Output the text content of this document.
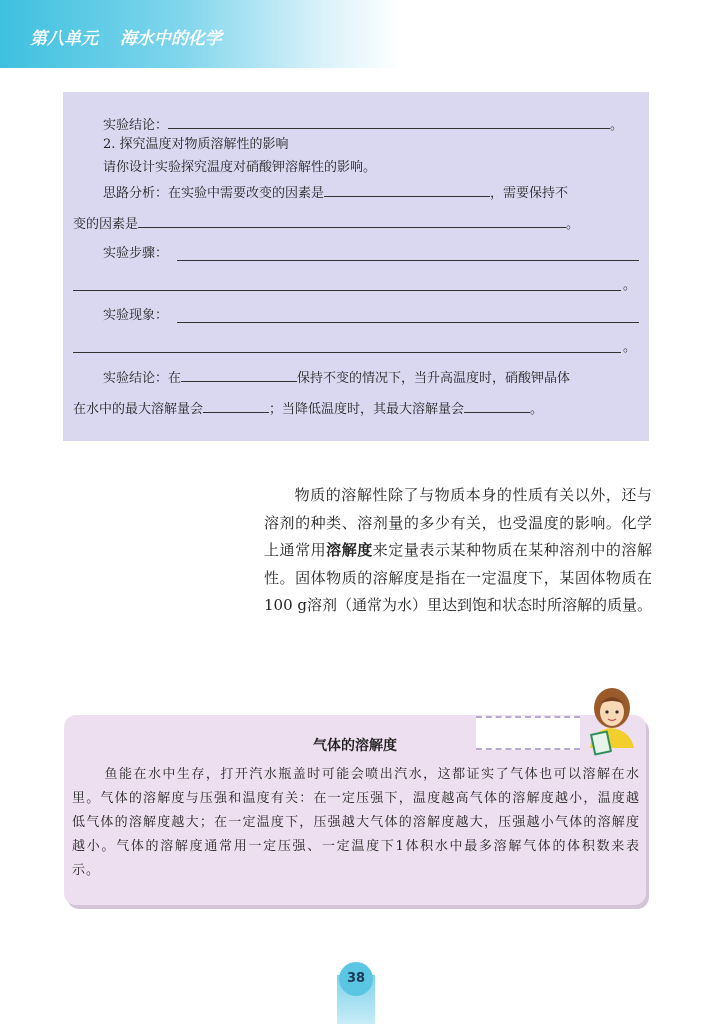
第八单元 海水中的化学
实验结论：	。
2. 探究温度对物质溶解性的影响
请你设计实验探究温度对硝酸钾溶解性的影响。
思路分析：在实验中需要改变的因素是	，需要保持不
变的因素是	。
实验步骤：
。
实验现象：
。
实验结论：在	保持不变的情况下，当升高温度时，硝酸钾晶体
在水中的最大溶解量会	；当降低温度时，其最大溶解量会	。
物质的溶解性除了与物质本身的性质有关以外，还与溶剂的种类、溶剂量的多少有关，也受温度的影响。化学上通常用溶解度来定量表示某种物质在某种溶剂中的溶解性。固体物质的溶解度是指在一定温度下，某固体物质在100 g溶剂（通常为水）里达到饱和状态时所溶解的质量。
气体的溶解度
鱼能在水中生存，打开汽水瓶盖时可能会喷出汽水，这都证实了气体也可以溶解在水里。气体的溶解度与压强和温度有关：在一定压强下，温度越高气体的溶解度越小，温度越低气体的溶解度越大；在一定温度下，压强越大气体的溶解度越大，压强越小气体的溶解度越小。气体的溶解度通常用一定压强、一定温度下1体积水中最多溶解气体的体积数来表示。
38
